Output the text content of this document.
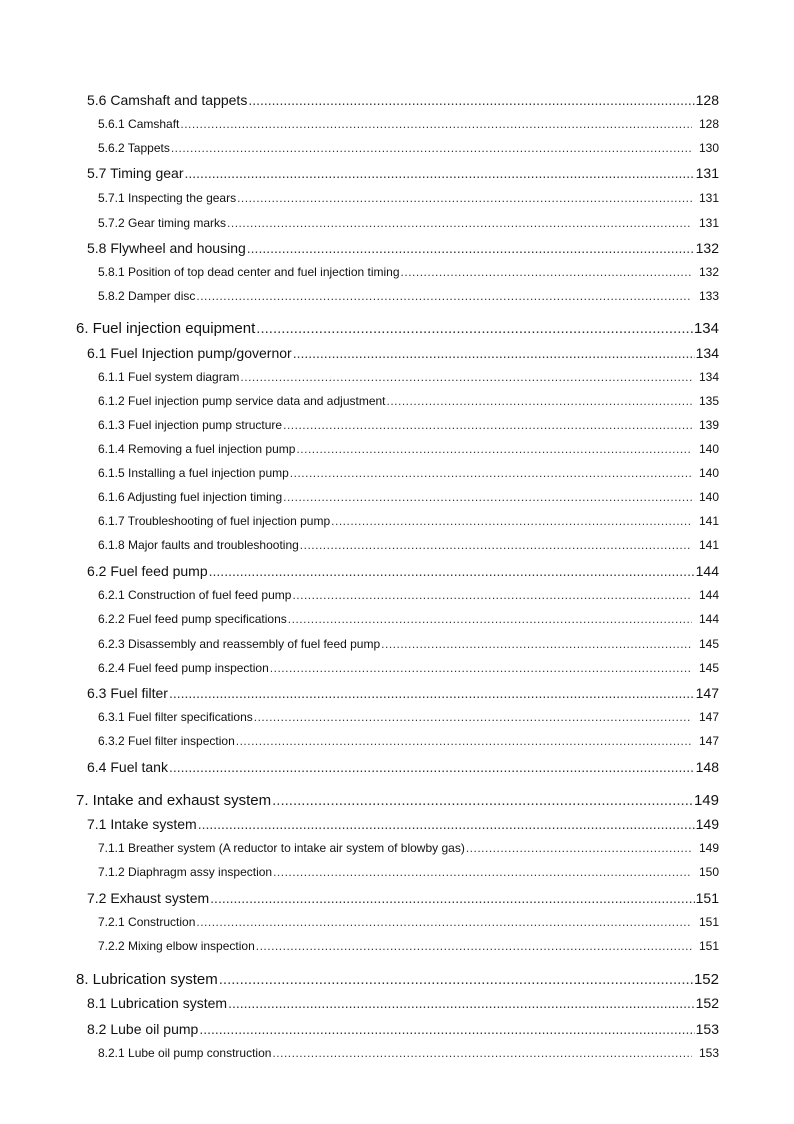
5.6 Camshaft and tappets .....	128
5.6.1 Camshaft .....	128
5.6.2 Tappets .....	130
5.7 Timing gear .....	131
5.7.1 Inspecting the gears .....	131
5.7.2 Gear timing marks .....	131
5.8 Flywheel and housing .....	132
5.8.1 Position of top dead center and fuel injection timing .....	132
5.8.2 Damper disc .....	133
6. Fuel injection equipment .....	134
6.1 Fuel Injection pump/governor .....	134
6.1.1 Fuel system diagram .....	134
6.1.2 Fuel injection pump service data and adjustment .....	135
6.1.3 Fuel injection pump structure .....	139
6.1.4 Removing a fuel injection pump .....	140
6.1.5 Installing a fuel injection pump .....	140
6.1.6 Adjusting fuel injection timing .....	140
6.1.7 Troubleshooting of fuel injection pump .....	141
6.1.8 Major faults and troubleshooting .....	141
6.2 Fuel feed pump .....	144
6.2.1 Construction of fuel feed pump .....	144
6.2.2 Fuel feed pump specifications .....	144
6.2.3 Disassembly and reassembly of fuel feed pump .....	145
6.2.4 Fuel feed pump inspection .....	145
6.3 Fuel filter .....	147
6.3.1 Fuel filter specifications .....	147
6.3.2 Fuel filter inspection .....	147
6.4 Fuel tank .....	148
7. Intake and exhaust system .....	149
7.1 Intake system .....	149
7.1.1 Breather system (A reductor to intake air system of blowby gas) .....	149
7.1.2 Diaphragm assy inspection .....	150
7.2 Exhaust system .....	151
7.2.1 Construction .....	151
7.2.2 Mixing elbow inspection .....	151
8. Lubrication system .....	152
8.1 Lubrication system .....	152
8.2 Lube oil pump .....	153
8.2.1 Lube oil pump construction .....	153
